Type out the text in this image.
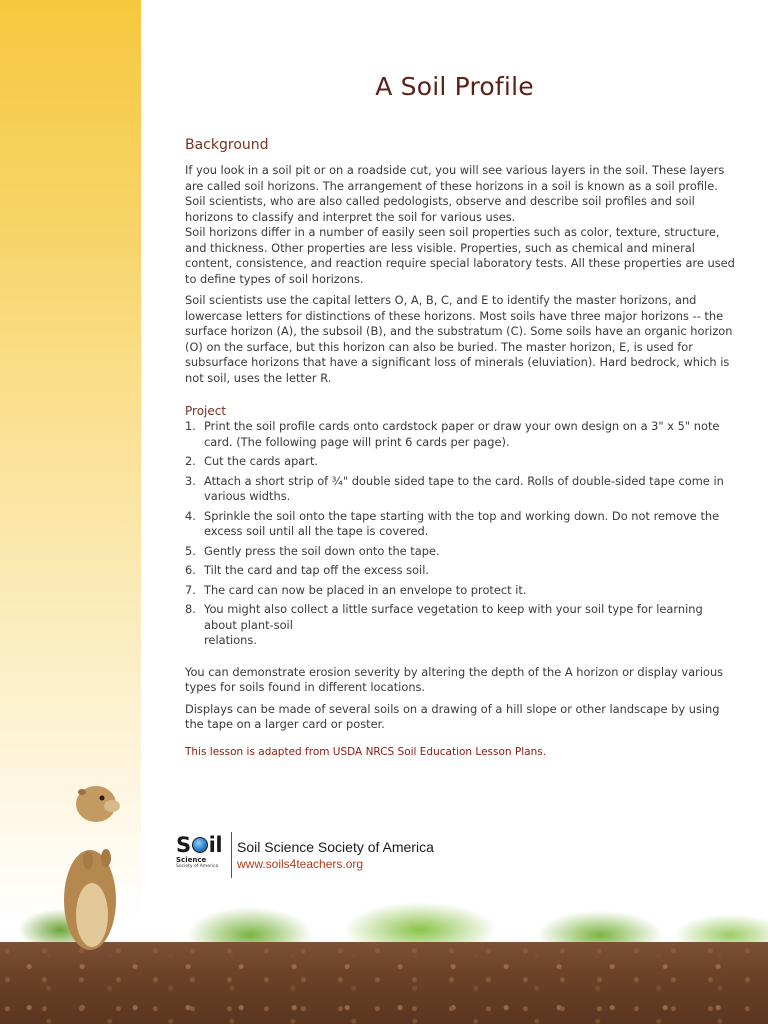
A Soil Profile
Background

If you look in a soil pit or on a roadside cut, you will see various layers in the soil. These layers are called soil horizons. The arrangement of these horizons in a soil is known as a soil profile. Soil scientists, who are also called pedologists, observe and describe soil profiles and soil horizons to classify and interpret the soil for various uses.

Soil horizons differ in a number of easily seen soil properties such as color, texture, structure, and thickness. Other properties are less visible. Properties, such as chemical and mineral content, consistence, and reaction require special laboratory tests. All these properties are used to define types of soil horizons.

Soil scientists use the capital letters O, A, B, C, and E to identify the master horizons, and lowercase letters for distinctions of these horizons. Most soils have three major horizons -- the surface horizon (A), the subsoil (B), and the substratum (C). Some soils have an organic horizon (O) on the surface, but this horizon can also be buried. The master horizon, E, is used for subsurface horizons that have a significant loss of minerals (eluviation). Hard bedrock, which is not soil, uses the letter R.

Project
1. Print the soil profile cards onto cardstock paper or draw your own design on a 3" x 5" note card. (The following page will print 6 cards per page).
2. Cut the cards apart.
3. Attach a short strip of ¾" double sided tape to the card. Rolls of double-sided tape come in various widths.
4. Sprinkle the soil onto the tape starting with the top and working down. Do not remove the excess soil until all the tape is covered.
5. Gently press the soil down onto the tape.
6. Tilt the card and tap off the excess soil.
7. The card can now be placed in an envelope to protect it.
8. You might also collect a little surface vegetation to keep with your soil type for learning about plant-soil
relations.

You can demonstrate erosion severity by altering the depth of the A horizon or display various types for soils found in different locations.

Displays can be made of several soils on a drawing of a hill slope or other landscape by using the tape on a larger card or poster.

This lesson is adapted from USDA NRCS Soil Education Lesson Plans.

S il
Science
Society of America
Soil Science Society of America
www.soils4teachers.org
